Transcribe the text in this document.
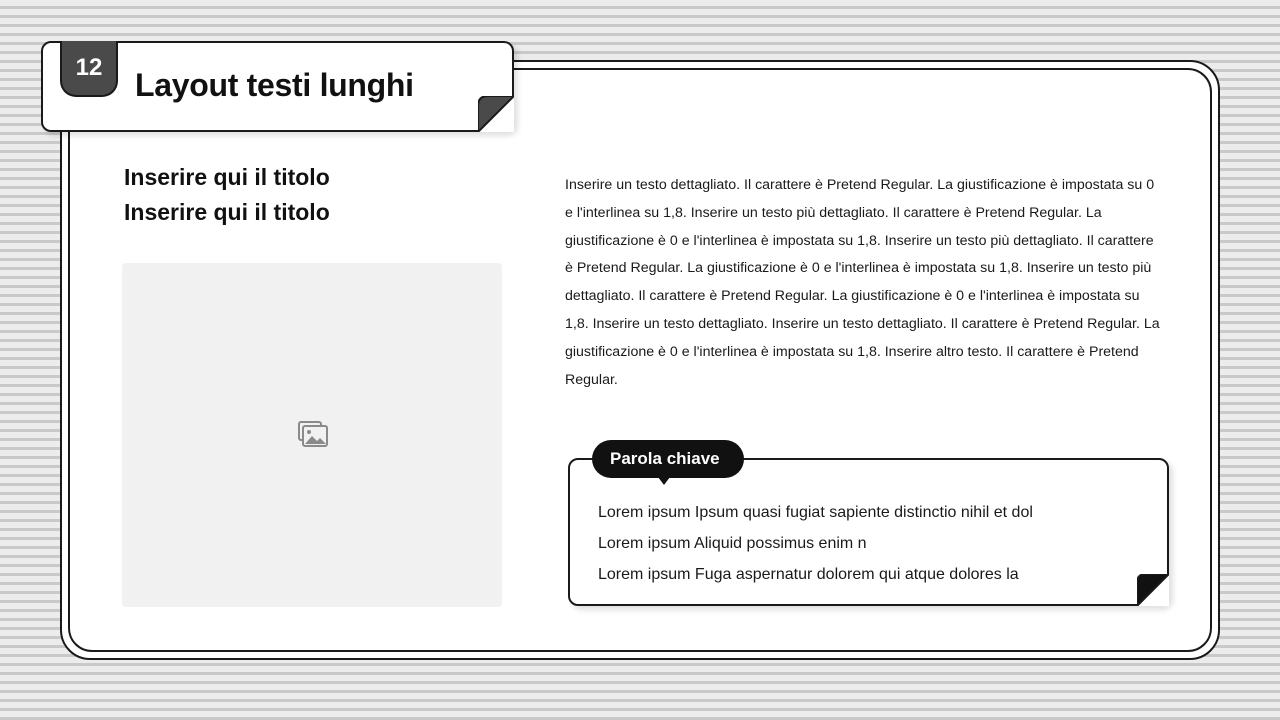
12	Layout testi lunghi
Inserire qui il titolo
Inserire qui il titolo
Inserire un testo dettagliato. Il carattere è Pretend Regular. La giustificazione è impostata su 0 e l'interlinea su 1,8. Inserire un testo più dettagliato. Il carattere è Pretend Regular. La giustificazione è 0 e l'interlinea è impostata su 1,8. Inserire un testo più dettagliato. Il carattere è Pretend Regular. La giustificazione è 0 e l'interlinea è impostata su 1,8. Inserire un testo più dettagliato. Il carattere è Pretend Regular. La giustificazione è 0 e l'interlinea è impostata su 1,8. Inserire un testo dettagliato. Inserire un testo dettagliato. Il carattere è Pretend Regular. La giustificazione è 0 e l'interlinea è impostata su 1,8. Inserire altro testo. Il carattere è Pretend Regular.
Parola chiave
Lorem ipsum Ipsum quasi fugiat sapiente distinctio nihil et dol
Lorem ipsum Aliquid possimus enim n
Lorem ipsum Fuga aspernatur dolorem qui atque dolores la
